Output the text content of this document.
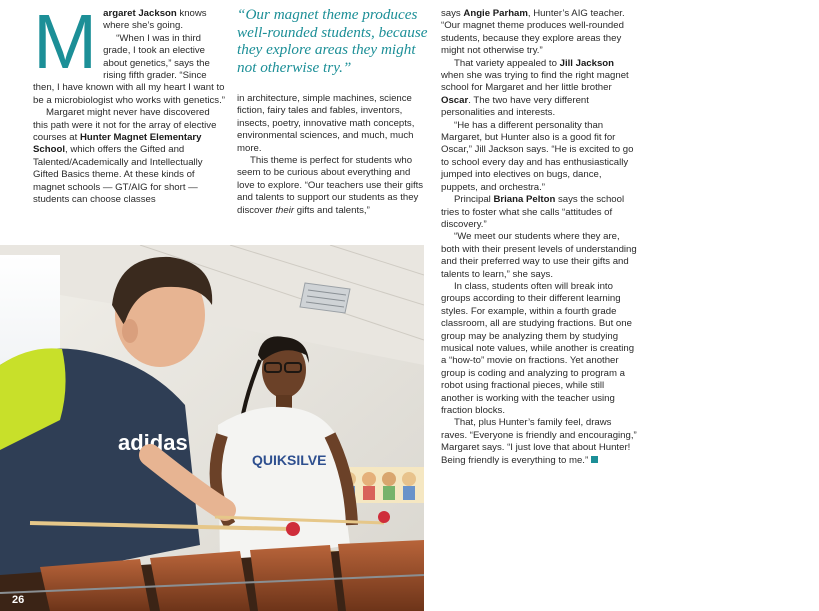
Margaret Jackson knows where she’s going.

“When I was in third grade, I took an elective about genetics,” says the rising fifth grader. “Since then, I have known with all my heart I want to be a microbiologist who works with genetics.”

Margaret might never have discovered this path were it not for the array of elective courses at Hunter Magnet Elementary School, which offers the Gifted and Talented/Academically and Intellectually Gifted Basics theme. At these kinds of magnet schools — GT/AIG for short — students can choose classes

“Our magnet theme produces well-rounded students, because they explore areas they might not otherwise try.”

in architecture, simple machines, science fiction, fairy tales and fables, inventors, insects, poetry, innovative math concepts, environmental sciences, and much, much more.

This theme is perfect for students who seem to be curious about everything and love to explore. “Our teachers use their gifts and talents to support our students as they discover their gifts and talents,”

says Angie Parham, Hunter’s AIG teacher. “Our magnet theme produces well-rounded students, because they explore areas they might not otherwise try.”

That variety appealed to Jill Jackson when she was trying to find the right magnet school for Margaret and her little brother Oscar. The two have very different personalities and interests.

“He has a different personality than Margaret, but Hunter also is a good fit for Oscar,” Jill Jackson says. “He is excited to go to school every day and has enthusiastically jumped into electives on bugs, dance, puppets, and orchestra.”

Principal Briana Pelton says the school tries to foster what she calls “attitudes of discovery.”

“We meet our students where they are, both with their present levels of understanding and their preferred way to use their gifts and talents to learn,” she says.

In class, students often will break into groups according to their different learning styles. For example, within a fourth grade classroom, all are studying fractions. But one group may be analyzing them by studying musical note values, while another is creating a “how-to” movie on fractions. Yet another group is coding and analyzing to program a robot using fractional pieces, while still another is working with the teacher using fraction blocks.

That, plus Hunter’s family feel, draws raves. “Everyone is friendly and encouraging,” Margaret says. “I just love that about Hunter! Being friendly is everything to me.”

QUIKSILVE
adidas
26
